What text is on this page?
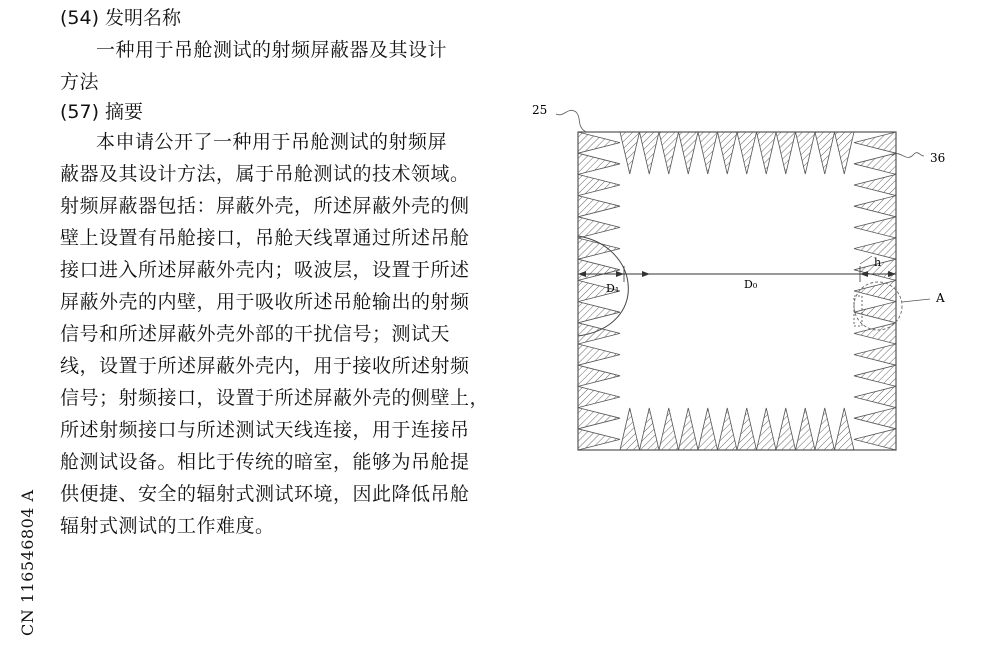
(54) 发明名称
一种用于吊舱测试的射频屏蔽器及其设计
方法
(57) 摘要
本申请公开了一种用于吊舱测试的射频屏
蔽器及其设计方法，属于吊舱测试的技术领域。
射频屏蔽器包括：屏蔽外壳，所述屏蔽外壳的侧
壁上设置有吊舱接口，吊舱天线罩通过所述吊舱
接口进入所述屏蔽外壳内；吸波层，设置于所述
屏蔽外壳的内壁，用于吸收所述吊舱输出的射频
信号和所述屏蔽外壳外部的干扰信号；测试天
线，设置于所述屏蔽外壳内，用于接收所述射频
信号；射频接口，设置于所述屏蔽外壳的侧壁上，
所述射频接口与所述测试天线连接，用于连接吊
舱测试设备。相比于传统的暗室，能够为吊舱提
供便捷、安全的辐射式测试环境，因此降低吊舱
辐射式测试的工作难度。
CN 116546804 A
25
36
A
D₁	D₀
h
